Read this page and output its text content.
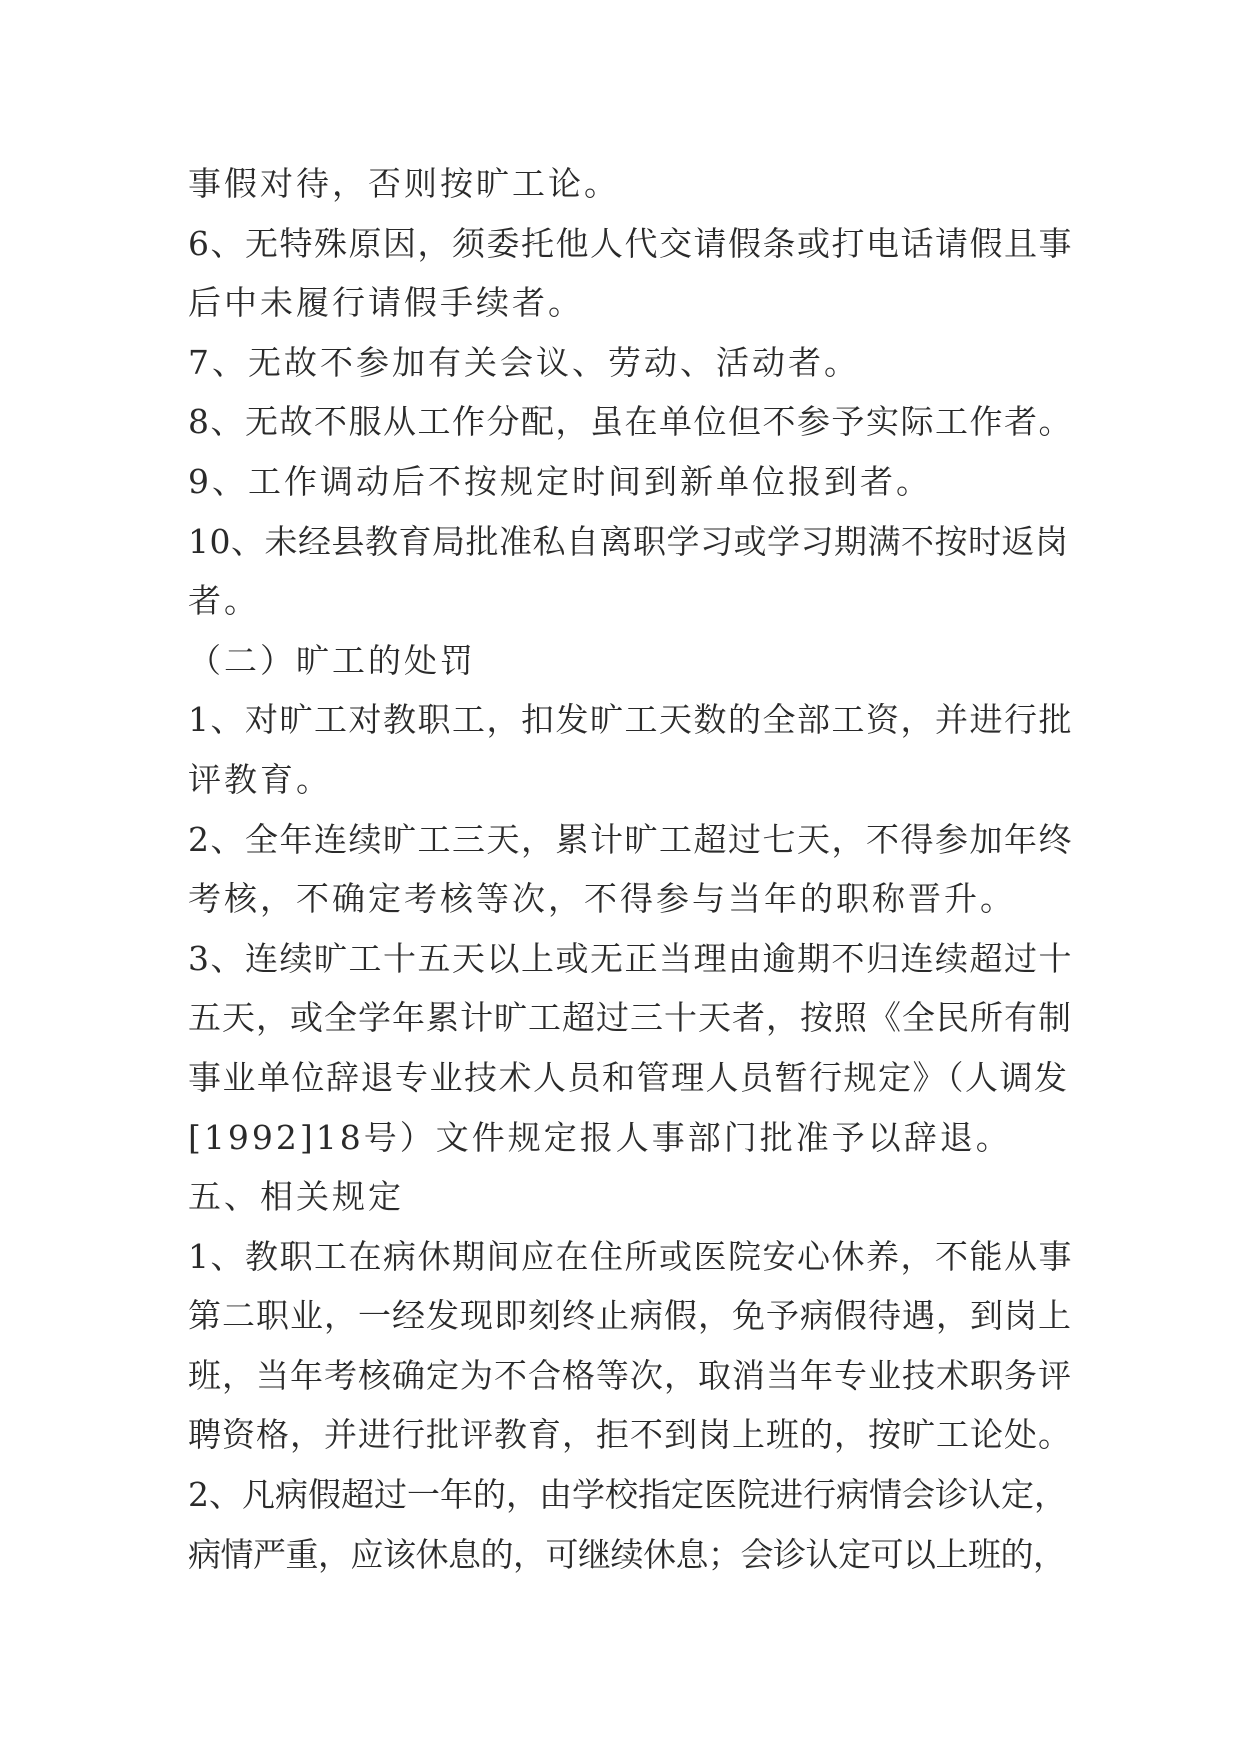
事假对待，否则按旷工论。
6、无特殊原因，须委托他人代交请假条或打电话请假且事
后中未履行请假手续者。
7、无故不参加有关会议、劳动、活动者。
8、无故不服从工作分配，虽在单位但不参予实际工作者。
9、工作调动后不按规定时间到新单位报到者。
10、未经县教育局批准私自离职学习或学习期满不按时返岗
者。
（二）旷工的处罚
1、对旷工对教职工，扣发旷工天数的全部工资，并进行批
评教育。
2、全年连续旷工三天，累计旷工超过七天，不得参加年终
考核，不确定考核等次，不得参与当年的职称晋升。
3、连续旷工十五天以上或无正当理由逾期不归连续超过十
五天，或全学年累计旷工超过三十天者，按照《全民所有制
事业单位辞退专业技术人员和管理人员暂行规定》（人调发
[1992]18号）文件规定报人事部门批准予以辞退。
五、相关规定
1、教职工在病休期间应在住所或医院安心休养，不能从事
第二职业，一经发现即刻终止病假，免予病假待遇，到岗上
班，当年考核确定为不合格等次，取消当年专业技术职务评
聘资格，并进行批评教育，拒不到岗上班的，按旷工论处。
2、凡病假超过一年的，由学校指定医院进行病情会诊认定，
病情严重，应该休息的，可继续休息；会诊认定可以上班的，
